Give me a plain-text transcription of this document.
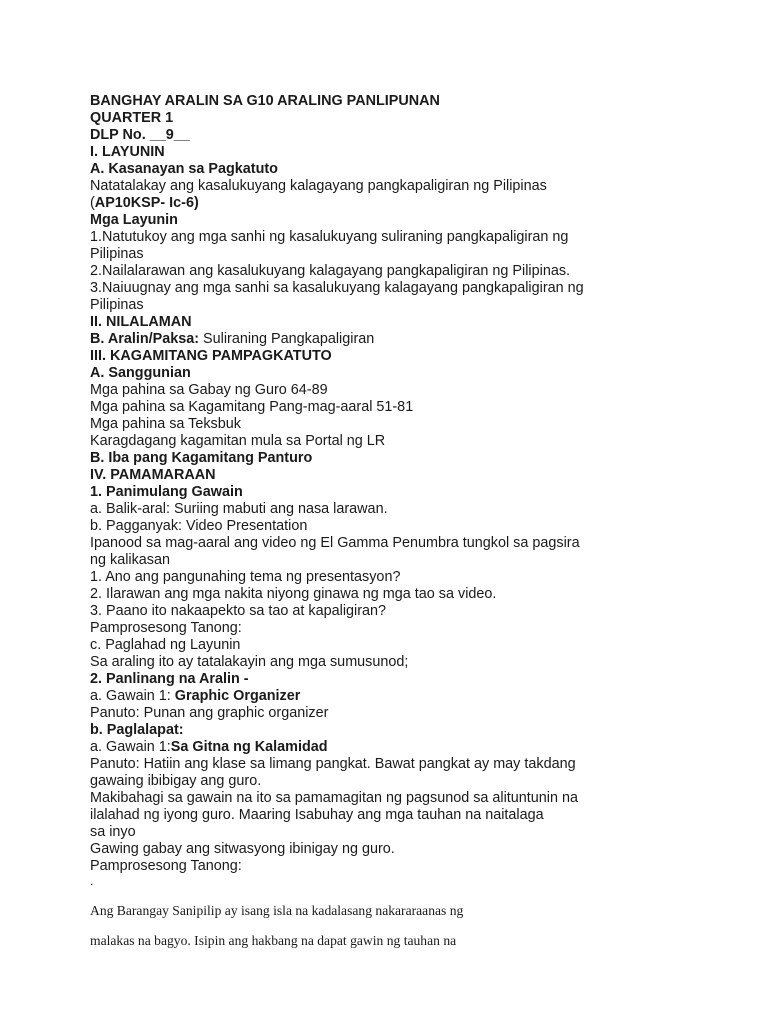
BANGHAY ARALIN SA G10 ARALING PANLIPUNAN

QUARTER 1

DLP No. __9__

I. LAYUNIN

A. Kasanayan sa Pagkatuto

Natatalakay ang kasalukuyang kalagayang pangkapaligiran ng Pilipinas

(AP10KSP- Ic-6)

Mga Layunin

1.Natutukoy ang mga sanhi ng kasalukuyang suliraning pangkapaligiran ng

Pilipinas

2.Nailalarawan ang kasalukuyang kalagayang pangkapaligiran ng Pilipinas.

3.Naiuugnay ang mga sanhi sa kasalukuyang kalagayang pangkapaligiran ng

Pilipinas

II. NILALAMAN

B. Aralin/Paksa: Suliraning Pangkapaligiran

III. KAGAMITANG PAMPAGKATUTO

A. Sanggunian

Mga pahina sa Gabay ng Guro 64-89

Mga pahina sa Kagamitang Pang-mag-aaral 51-81

Mga pahina sa Teksbuk

Karagdagang kagamitan mula sa Portal ng LR

B. Iba pang Kagamitang Panturo

IV. PAMAMARAAN

1. Panimulang Gawain

a. Balik-aral: Suriing mabuti ang nasa larawan.

b. Pagganyak: Video Presentation

Ipanood sa mag-aaral ang video ng El Gamma Penumbra tungkol sa pagsira

ng kalikasan

1. Ano ang pangunahing tema ng presentasyon?

2. Ilarawan ang mga nakita niyong ginawa ng mga tao sa video.

3. Paano ito nakaapekto sa tao at kapaligiran?

Pamprosesong Tanong:

c. Paglahad ng Layunin

Sa araling ito ay tatalakayin ang mga sumusunod;

2. Panlinang na Aralin -

a. Gawain 1: Graphic Organizer

Panuto: Punan ang graphic organizer

b. Paglalapat:

a. Gawain 1:Sa Gitna ng Kalamidad

Panuto: Hatiin ang klase sa limang pangkat. Bawat pangkat ay may takdang

gawaing ibibigay ang guro.

Makibahagi sa gawain na ito sa pamamagitan ng pagsunod sa alituntunin na

ilalahad ng iyong guro. Maaring Isabuhay ang mga tauhan na naitalaga

sa inyo

Gawing gabay ang sitwasyong ibinigay ng guro.

Pamprosesong Tanong:

.

Ang Barangay Sanipilip ay isang isla na kadalasang nakararaanas ng

malakas na bagyo. Isipin ang hakbang na dapat gawin ng tauhan na
